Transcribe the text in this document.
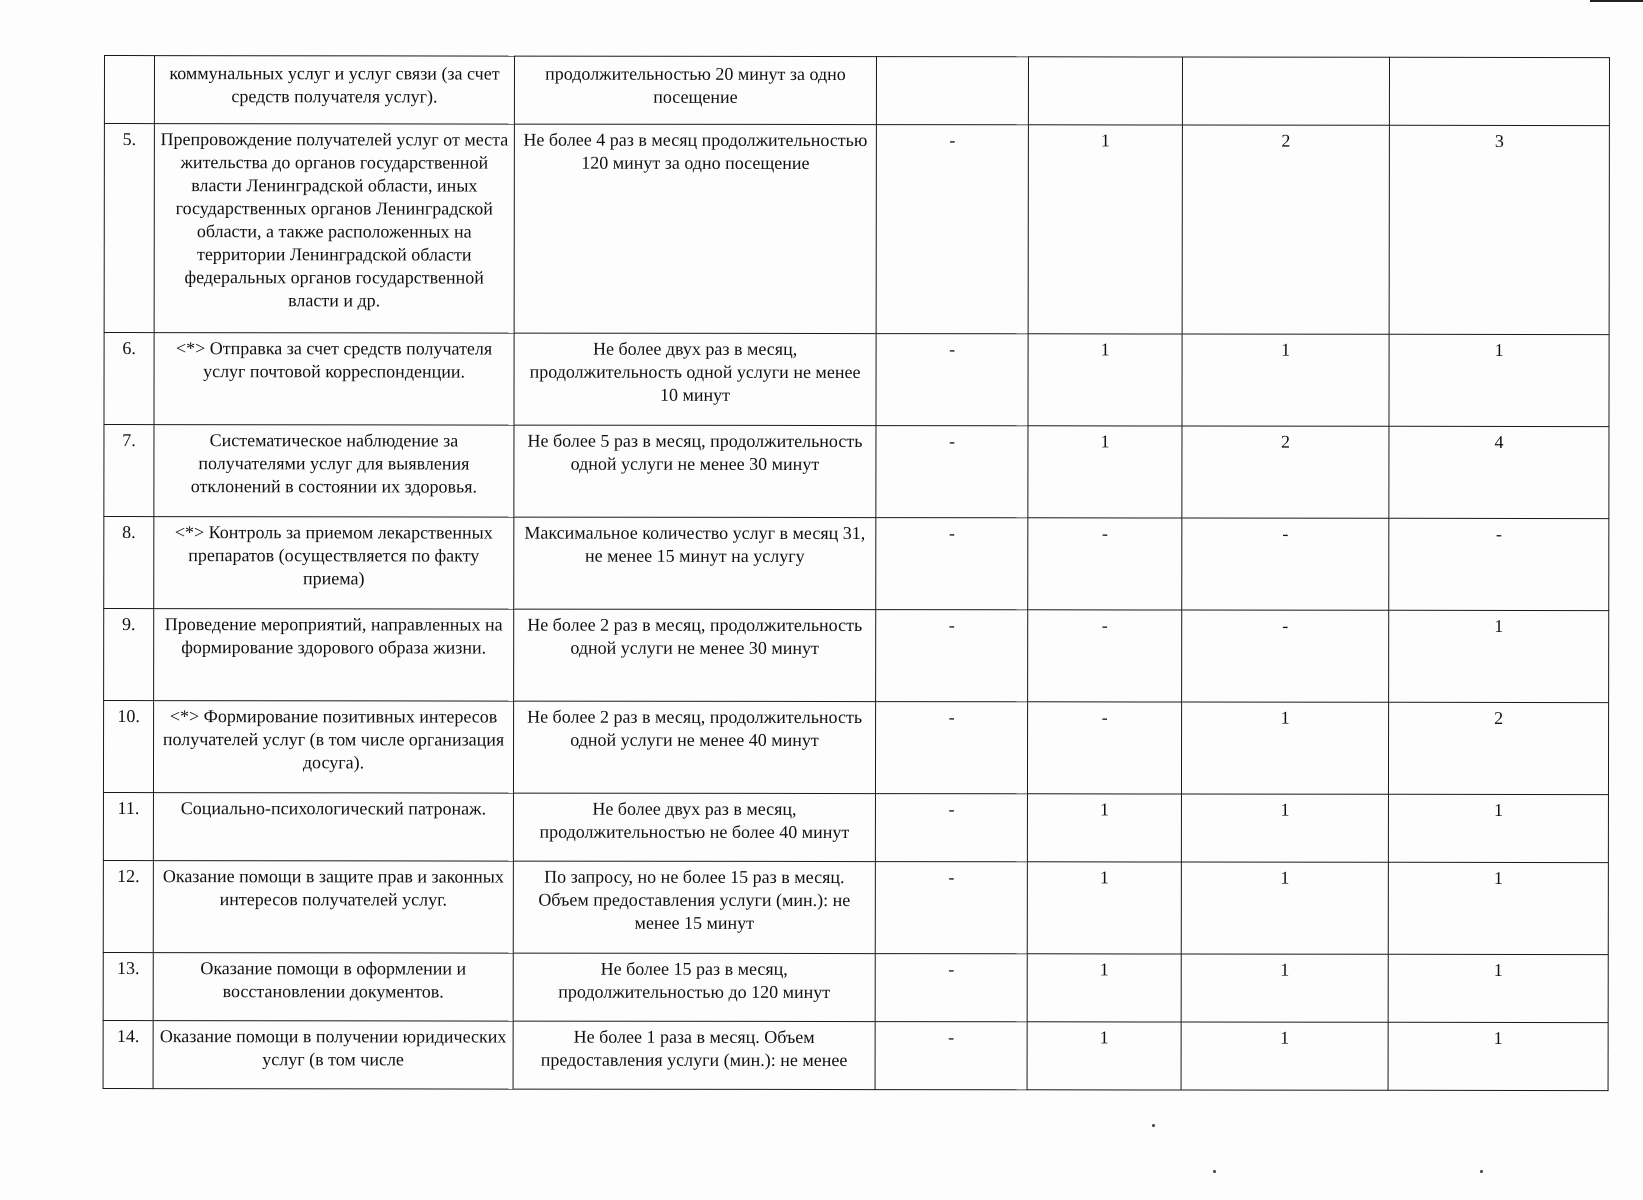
	коммунальных услуг и услуг связи (за счет средств получателя услуг).	продолжительностью 20 минут за одно посещение				
5.	Препровождение получателей услуг от места жительства до органов государственной власти Ленинградской области, иных государственных органов Ленинградской области, а также расположенных на территории Ленинградской области федеральных органов государственной власти и др.	Не более 4 раз в месяц продолжительностью 120 минут за одно посещение	-	1	2	3
6.	<*> Отправка за счет средств получателя услуг почтовой корреспонденции.	Не более двух раз в месяц, продолжительность одной услуги не менее 10 минут	-	1	1	1
7.	Систематическое наблюдение за получателями услуг для выявления отклонений в состоянии их здоровья.	Не более 5 раз в месяц, продолжительность одной услуги не менее 30 минут	-	1	2	4
8.	<*> Контроль за приемом лекарственных препаратов (осуществляется по факту приема)	Максимальное количество услуг в месяц 31, не менее 15 минут на услугу	-	-	-	-
9.	Проведение мероприятий, направленных на формирование здорового образа жизни.	Не более 2 раз в месяц, продолжительность одной услуги не менее 30 минут	-	-	-	1
10.	<*> Формирование позитивных интересов получателей услуг (в том числе организация досуга).	Не более 2 раз в месяц, продолжительность одной услуги не менее 40 минут	-	-	1	2
11.	Социально-психологический патронаж.	Не более двух раз в месяц, продолжительностью не более 40 минут	-	1	1	1
12.	Оказание помощи в защите прав и законных интересов получателей услуг.	По запросу, но не более 15 раз в месяц. Объем предоставления услуги (мин.): не менее 15 минут	-	1	1	1
13.	Оказание помощи в оформлении и восстановлении документов.	Не более 15 раз в месяц, продолжительностью до 120 минут	-	1	1	1
14.	Оказание помощи в получении юридических услуг (в том числе	Не более 1 раза в месяц. Объем предоставления услуги (мин.): не менее	-	1	1	1
